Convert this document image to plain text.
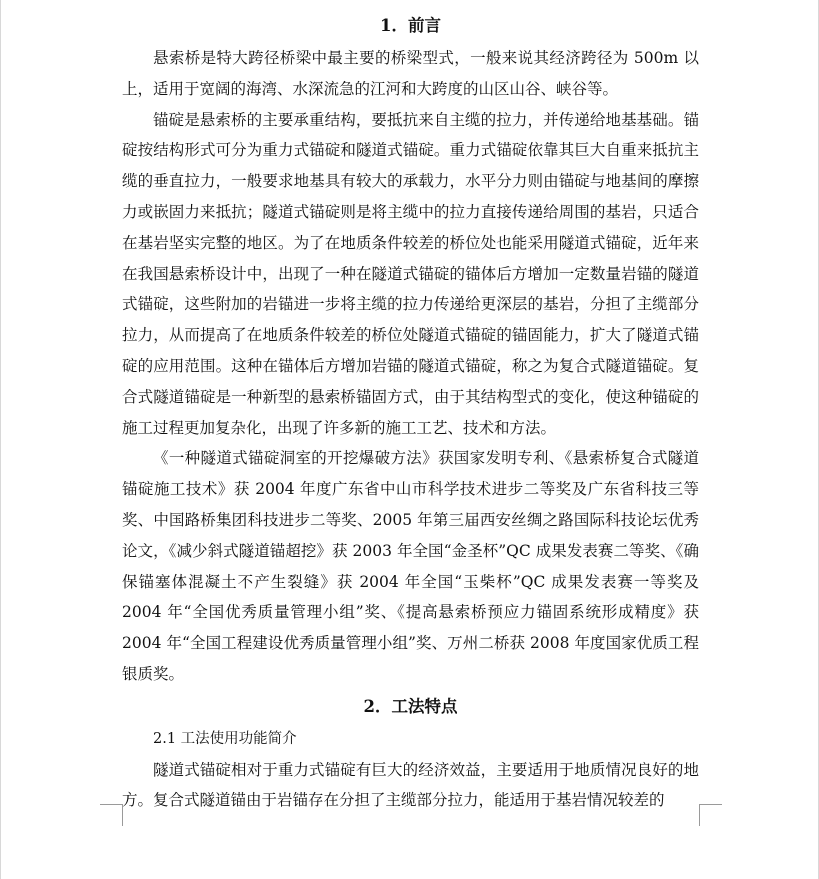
1．前言

悬索桥是特大跨径桥梁中最主要的桥梁型式，一般来说其经济跨径为 500m 以上，适用于宽阔的海湾、水深流急的江河和大跨度的山区山谷、峡谷等。

锚碇是悬索桥的主要承重结构，要抵抗来自主缆的拉力，并传递给地基基础。锚碇按结构形式可分为重力式锚碇和隧道式锚碇。重力式锚碇依靠其巨大自重来抵抗主缆的垂直拉力，一般要求地基具有较大的承载力，水平分力则由锚碇与地基间的摩擦力或嵌固力来抵抗；隧道式锚碇则是将主缆中的拉力直接传递给周围的基岩，只适合在基岩坚实完整的地区。为了在地质条件较差的桥位处也能采用隧道式锚碇，近年来在我国悬索桥设计中，出现了一种在隧道式锚碇的锚体后方增加一定数量岩锚的隧道式锚碇，这些附加的岩锚进一步将主缆的拉力传递给更深层的基岩，分担了主缆部分拉力，从而提高了在地质条件较差的桥位处隧道式锚碇的锚固能力，扩大了隧道式锚碇的应用范围。这种在锚体后方增加岩锚的隧道式锚碇，称之为复合式隧道锚碇。复合式隧道锚碇是一种新型的悬索桥锚固方式，由于其结构型式的变化，使这种锚碇的施工过程更加复杂化，出现了许多新的施工工艺、技术和方法。

《一种隧道式锚碇洞室的开挖爆破方法》获国家发明专利、《悬索桥复合式隧道锚碇施工技术》获 2004 年度广东省中山市科学技术进步二等奖及广东省科技三等奖、中国路桥集团科技进步二等奖、2005 年第三届西安丝绸之路国际科技论坛优秀论文，《减少斜式隧道锚超挖》获 2003 年全国“金圣杯”QC 成果发表赛二等奖、《确保锚塞体混凝土不产生裂缝》获 2004 年全国“玉柴杯”QC 成果发表赛一等奖及 2004 年“全国优秀质量管理小组”奖、《提高悬索桥预应力锚固系统形成精度》获 2004 年“全国工程建设优秀质量管理小组”奖、万州二桥获 2008 年度国家优质工程银质奖。

2．工法特点
2.1 工法使用功能简介

隧道式锚碇相对于重力式锚碇有巨大的经济效益，主要适用于地质情况良好的地方。复合式隧道锚由于岩锚存在分担了主缆部分拉力，能适用于基岩情况较差的
